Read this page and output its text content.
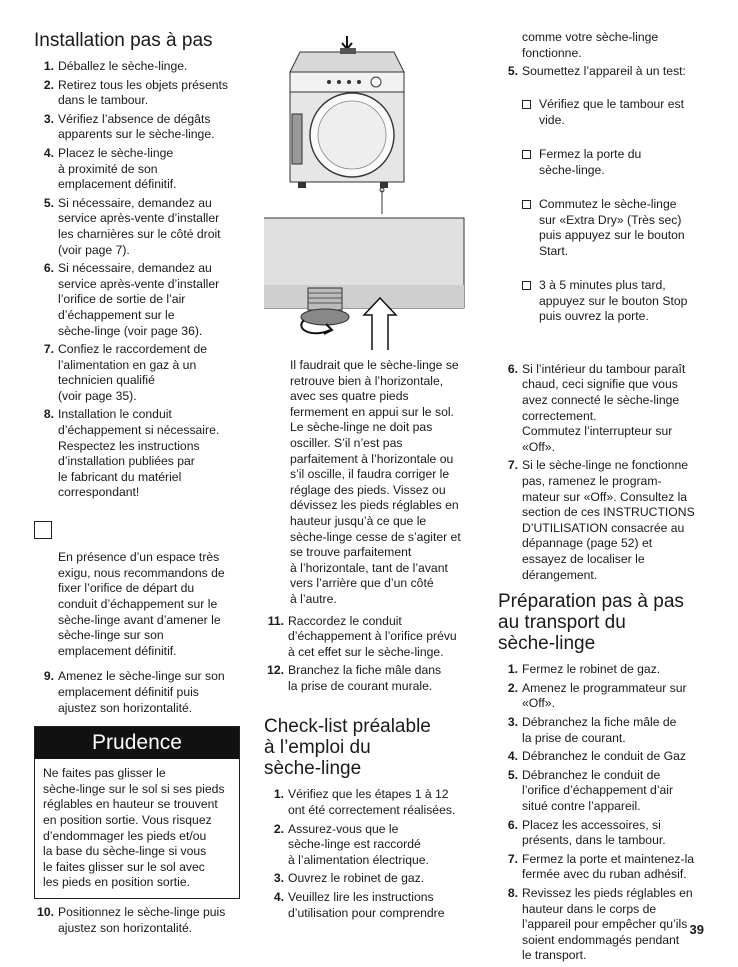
Installation pas à pas
1. Déballez le sèche-linge.
2. Retirez tous les objets présents
dans le tambour.
3. Vérifiez l’absence de dégâts
apparents sur le sèche-linge.
4. Placez le sèche-linge
à proximité de son
emplacement définitif.
5. Si nécessaire, demandez au
service après-vente d’installer
les charnières sur le côté droit
(voir page 7).
6. Si nécessaire, demandez au
service après-vente d’installer
l’orifice de sortie de l’air
d’échappement sur le
sèche-linge (voir page 36).
7. Confiez le raccordement de
l’alimentation en gaz à un
technicien qualifié
(voir page 35).
8. Installation le conduit
d’échappement si nécessaire.
Respectez les instructions
d’installation publiées par
le fabricant du matériel
correspondant!

En présence d’un espace très
exigu, nous recommandons de
fixer l’orifice de départ du
conduit d’échappement sur le
sèche-linge avant d’amener le
sèche-linge sur son
emplacement définitif.

9. Amenez le sèche-linge sur son
emplacement définitif puis
ajustez son horizontalité.
Prudence
Ne faites pas glisser le
sèche-linge sur le sol si ses pieds
réglables en hauteur se trouvent
en position sortie. Vous risquez
d’endommager les pieds et/ou
la base du sèche-linge si vous
le faites glisser sur le sol avec
les pieds en position sortie.
10. Positionnez le sèche-linge puis
ajustez son horizontalité.
Il faudrait que le sèche-linge se
retrouve bien à l’horizontale,
avec ses quatre pieds
fermement en appui sur le sol.
Le sèche-linge ne doit pas
osciller. S’il n’est pas
parfaitement à l’horizontale ou
s’il oscille, il faudra corriger le
réglage des pieds. Vissez ou
dévissez les pieds réglables en
hauteur jusqu’à ce que le
sèche-linge cesse de s’agiter et
se trouve parfaitement
à l’horizontale, tant de l’avant
vers l’arrière que d’un côté
à l’autre.
11. Raccordez le conduit
d’échappement à l’orifice prévu
à cet effet sur le sèche-linge.
12. Branchez la fiche mâle dans
la prise de courant murale.
Check-list préalable
à l’emploi du
sèche-linge
1. Vérifiez que les étapes 1 à 12
ont été correctement réalisées.
2. Assurez-vous que le
sèche-linge est raccordé
à l’alimentation électrique.
3. Ouvrez le robinet de gaz.
4. Veuillez lire les instructions
d’utilisation pour comprendre
comme votre sèche-linge
fonctionne.
5. Soumettez l’appareil à un test:

Vérifiez que le tambour est
vide.

Fermez la porte du
sèche-linge.

Commutez le sèche-linge
sur «Extra Dry» (Très sec)
puis appuyez sur le bouton
Start.

3 à 5 minutes plus tard,
appuyez sur le bouton Stop
puis ouvrez la porte.

6. Si l’intérieur du tambour paraît
chaud, ceci signifie que vous
avez connecté le sèche-linge
correctement.
Commutez l’interrupteur sur
«Off».
7. Si le sèche-linge ne fonctionne
pas, ramenez le program-
mateur sur «Off». Consultez la
section de ces INSTRUCTIONS
D’UTILISATION consacrée au
dépannage (page 52) et
essayez de localiser le
dérangement.
Préparation pas à pas
au transport du
sèche-linge
1. Fermez le robinet de gaz.
2. Amenez le programmateur sur
«Off».
3. Débranchez la fiche mâle de
la prise de courant.
4. Débranchez le conduit de Gaz
5. Débranchez le conduit de
l’orifice d’échappement d’air
situé contre l’appareil.
6. Placez les accessoires, si
présents, dans le tambour.
7. Fermez la porte et maintenez-la
fermée avec du ruban adhésif.
8. Revissez les pieds réglables en
hauteur dans le corps de
l’appareil pour empêcher qu’ils
soient endommagés pendant
le transport.
39
